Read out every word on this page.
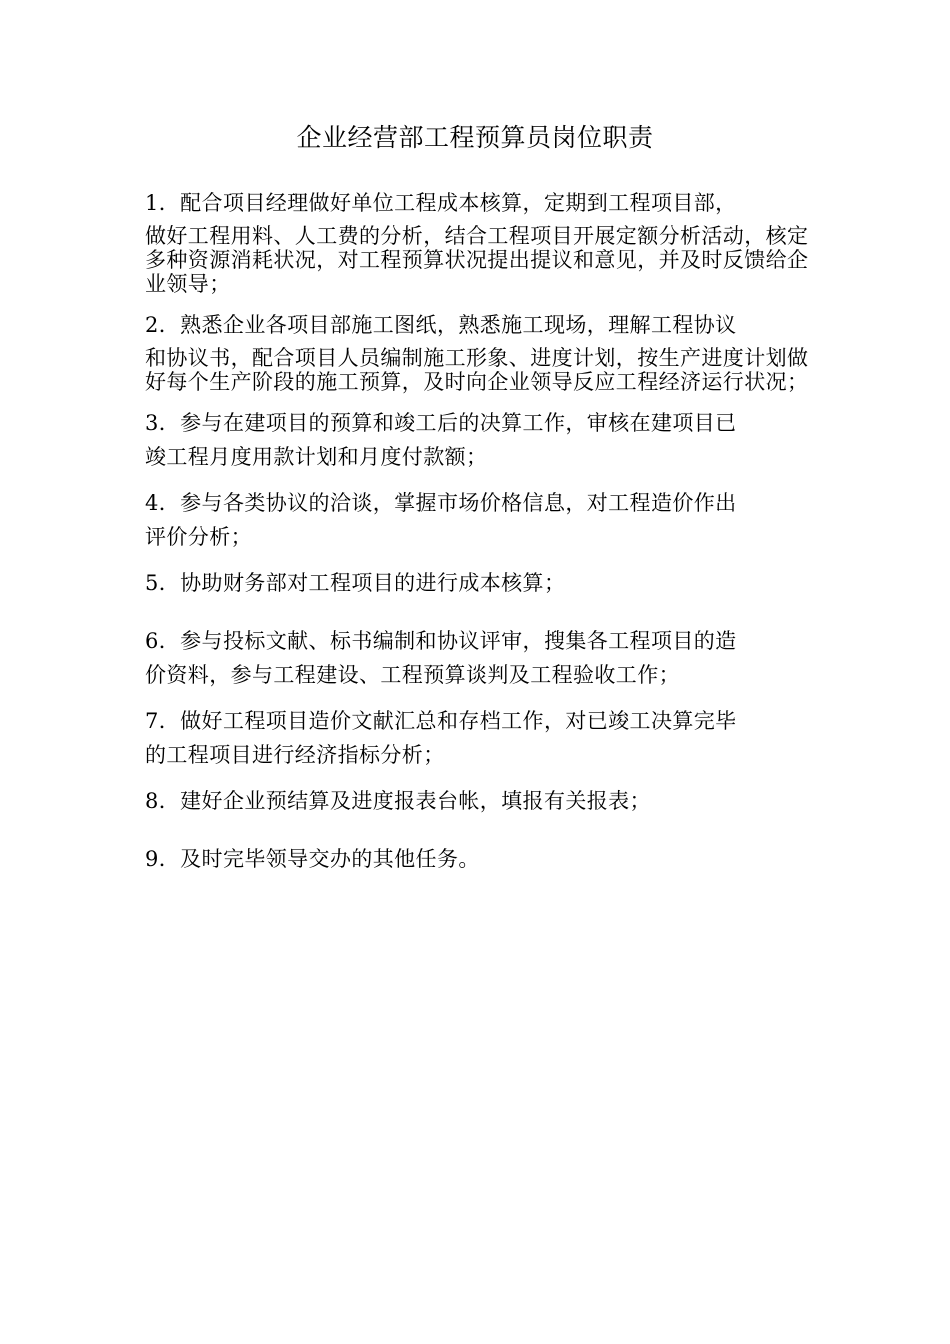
企业经营部工程预算员岗位职责
1．配合项目经理做好单位工程成本核算，定期到工程项目部，
做好工程用料、人工费的分析，结合工程项目开展定额分析活动，核定多种资源消耗状况，对工程预算状况提出提议和意见，并及时反馈给企业领导；
2．熟悉企业各项目部施工图纸，熟悉施工现场，理解工程协议
和协议书，配合项目人员编制施工形象、进度计划，按生产进度计划做好每个生产阶段的施工预算，及时向企业领导反应工程经济运行状况；
3．参与在建项目的预算和竣工后的决算工作，审核在建项目已
竣工程月度用款计划和月度付款额；
4．参与各类协议的洽谈，掌握市场价格信息，对工程造价作出
评价分析；
5．协助财务部对工程项目的进行成本核算；
6．参与投标文献、标书编制和协议评审，搜集各工程项目的造
价资料，参与工程建设、工程预算谈判及工程验收工作；
7．做好工程项目造价文献汇总和存档工作，对已竣工决算完毕
的工程项目进行经济指标分析；
8．建好企业预结算及进度报表台帐，填报有关报表；
9．及时完毕领导交办的其他任务。
